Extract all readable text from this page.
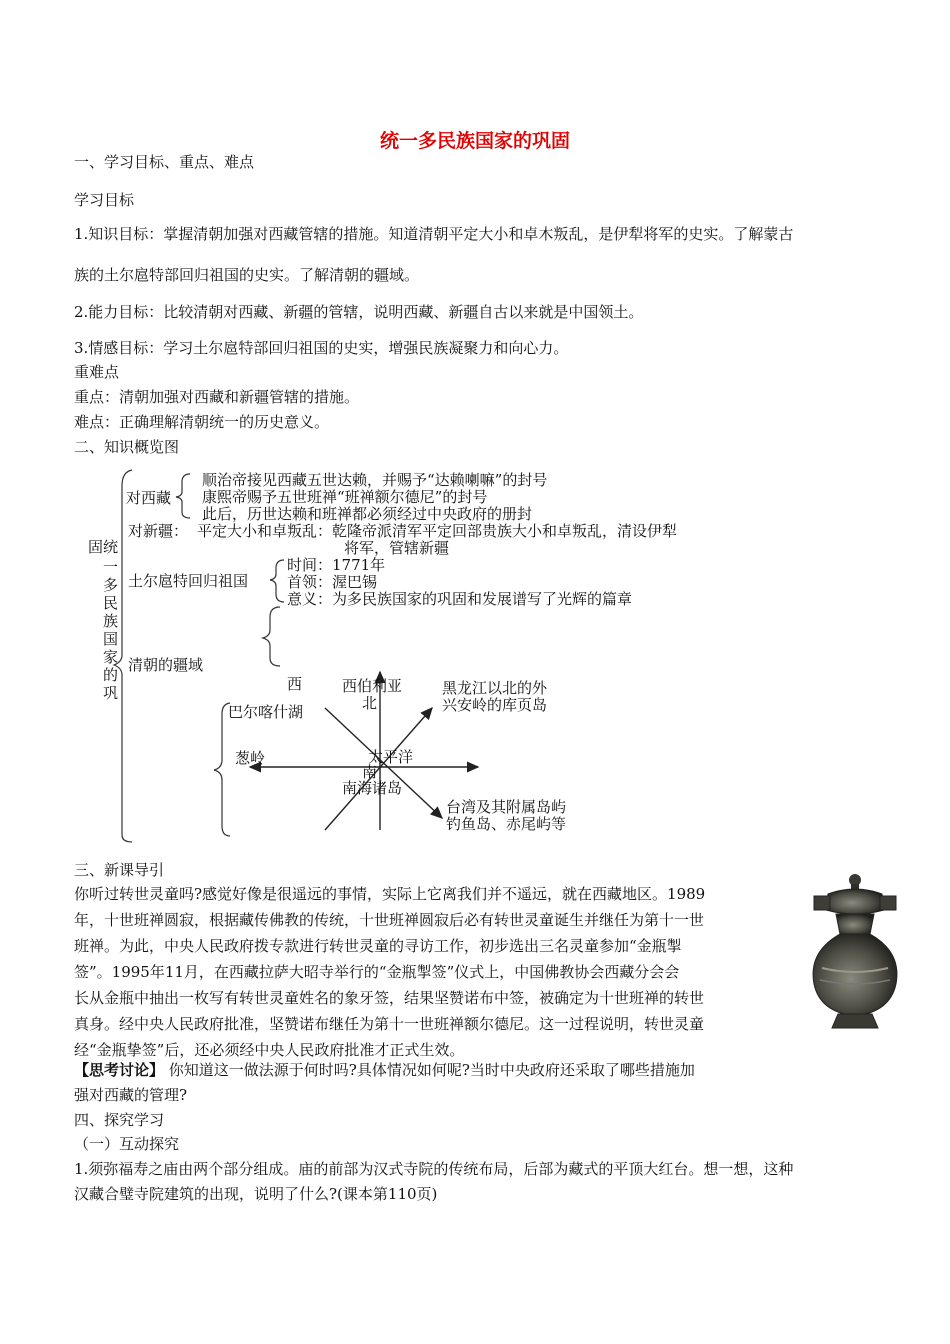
统一多民族国家的巩固
一、学习目标、重点、难点
学习目标
1.知识目标：掌握清朝加强对西藏管辖的措施。知道清朝平定大小和卓木叛乱，是伊犁将军的史实。了解蒙古
族的土尔扈特部回归祖国的史实。了解清朝的疆域。
2.能力目标：比较清朝对西藏、新疆的管辖，说明西藏、新疆自古以来就是中国领土。
3.情感目标：学习土尔扈特部回归祖国的史实，增强民族凝聚力和向心力。
重难点
重点：清朝加强对西藏和新疆管辖的措施。
难点：正确理解清朝统一的历史意义。
二、知识概览图
固统
一
多
民
族
国
家
的
巩
对西藏
顺治帝接见西藏五世达赖，并赐予“达赖喇嘛”的封号
康熙帝赐予五世班禅“班禅额尔德尼”的封号
此后，历世达赖和班禅都必须经过中央政府的册封
对新疆： 平定大小和卓叛乱：乾隆帝派清军平定回部贵族大小和卓叛乱，清设伊犁
将军，管辖新疆
土尔扈特回归祖国
时间：1771年
首领：渥巴锡
意义：为多民族国家的巩固和发展谱写了光辉的篇章
清朝的疆域
西	西伯利亚
北
黑龙江以北的外
兴安岭的库页岛
巴尔喀什湖
葱岭	太平洋
南
南海诸岛
台湾及其附属岛屿
钓鱼岛、赤尾屿等
三、新课导引
你听过转世灵童吗?感觉好像是很遥远的事情，实际上它离我们并不遥远，就在西藏地区。1989
年，十世班禅圆寂，根据藏传佛教的传统，十世班禅圆寂后必有转世灵童诞生并继任为第十一世
班禅。为此，中央人民政府拨专款进行转世灵童的寻访工作，初步选出三名灵童参加“金瓶掣
签”。1995年11月，在西藏拉萨大昭寺举行的“金瓶掣签”仪式上，中国佛教协会西藏分会会
长从金瓶中抽出一枚写有转世灵童姓名的象牙签，结果坚赞诺布中签，被确定为十世班禅的转世
真身。经中央人民政府批准，坚赞诺布继任为第十一世班禅额尔德尼。这一过程说明，转世灵童
经“金瓶挚签”后，还必须经中央人民政府批准才正式生效。
【思考讨论】 你知道这一做法源于何时吗?具体情况如何呢?当时中央政府还采取了哪些措施加
强对西藏的管理?
四、探究学习
（一）互动探究
1.须弥福寿之庙由两个部分组成。庙的前部为汉式寺院的传统布局，后部为藏式的平顶大红台。想一想，这种
汉藏合璧寺院建筑的出现，说明了什么?(课本第110页)
